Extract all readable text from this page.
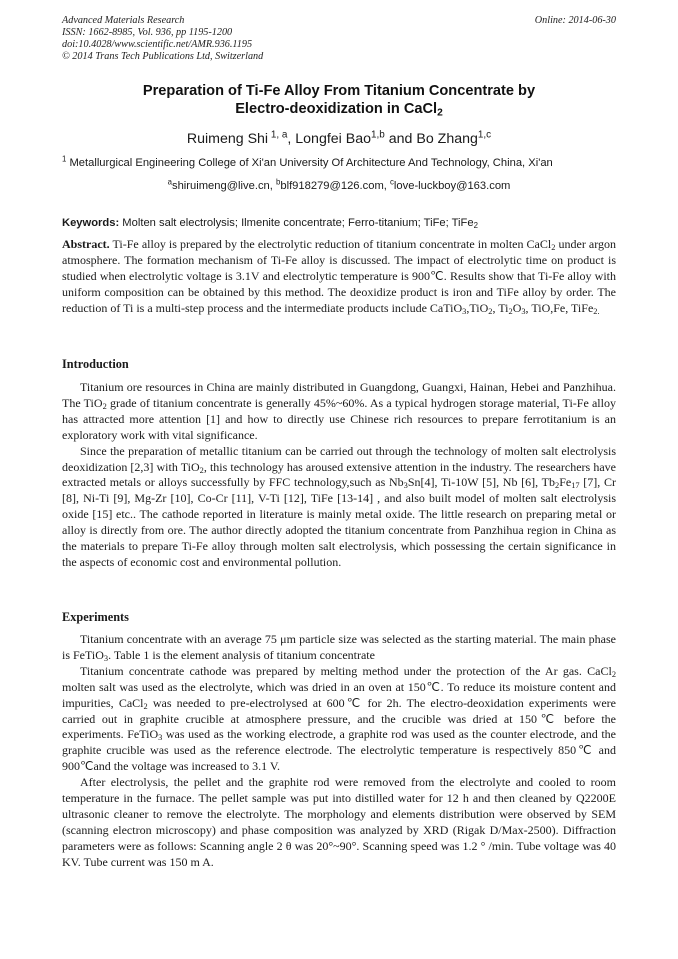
Advanced Materials Research
ISSN: 1662-8985, Vol. 936, pp 1195-1200
doi:10.4028/www.scientific.net/AMR.936.1195
© 2014 Trans Tech Publications Ltd, Switzerland
Online: 2014-06-30
Preparation of Ti-Fe Alloy From Titanium Concentrate by
Electro-deoxidization in CaCl$_2$
Ruimeng Shi $^{1, a}$, Longfei Bao$^{1,b}$ and Bo Zhang$^{1,c}$
$^1$ Metallurgical Engineering College of Xi'an University Of Architecture And Technology, China, Xi'an
$^a$shiruimeng@live.cn, $^b$blf918279@126.com, $^c$love-luckboy@163.com
Keywords: Molten salt electrolysis; Ilmenite concentrate; Ferro-titanium; TiFe; TiFe$_2$

Abstract. Ti-Fe alloy is prepared by the electrolytic reduction of titanium concentrate in molten CaCl$_2$ under argon atmosphere. The formation mechanism of Ti-Fe alloy is discussed. The impact of electrolytic time on product is studied when electrolytic voltage is 3.1V and electrolytic temperature is 900℃. Results show that Ti-Fe alloy with uniform composition can be obtained by this method. The deoxidize product is iron and TiFe alloy by order. The reduction of Ti is a multi-step process and the intermediate products include CaTiO$_3$,TiO$_2$, $Ti_2O_3$, TiO,Fe, TiFe$_{2.}$

Introduction

Titanium ore resources in China are mainly distributed in Guangdong, Guangxi, Hainan, Hebei and Panzhihua. The TiO$_2$ grade of titanium concentrate is generally 45%~60%. As a typical hydrogen storage material, Ti-Fe alloy has attracted more attention [1] and how to directly use Chinese rich resources to prepare ferrotitanium is an exploratory work with vital significance.

Since the preparation of metallic titanium can be carried out through the technology of molten salt electrolysis deoxidization [2,3] with TiO$_2$, this technology has aroused extensive attention in the industry. The researchers have extracted metals or alloys successfully by FFC technology,such as $Nb_3Sn[4]$, Ti-10W [5], Nb [6], $Tb_2Fe_{17}$ [7], Cr [8], Ni-Ti [9], Mg-Zr [10], Co-Cr [11], V-Ti [12], TiFe [13-14] , and also built model of molten salt electrolysis oxide [15] etc.. The cathode reported in literature is mainly metal oxide. The little research on preparing metal or alloy is directly from ore. The author directly adopted the titanium concentrate from Panzhihua region in China as the materials to prepare Ti-Fe alloy through molten salt electrolysis, which possessing the certain significance in the aspects of economic cost and environmental pollution.

Experiments

Titanium concentrate with an average 75 μm particle size was selected as the starting material. The main phase is FeTiO$_3$. Table 1 is the element analysis of titanium concentrate

Titanium concentrate cathode was prepared by melting method under the protection of the Ar gas. CaCl$_2$ molten salt was used as the electrolyte, which was dried in an oven at 150℃. To reduce its moisture content and impurities, CaCl$_2$ was needed to pre-electrolysed at 600℃ for 2h. The electro-deoxidation experiments were carried out in graphite crucible at atmosphere pressure, and the crucible was dried at 150℃ before the experiments. FeTiO$_3$ was used as the working electrode, a graphite rod was used as the counter electrode, and the graphite crucible was used as the reference electrode. The electrolytic temperature is respectively 850℃ and 900℃and the voltage was increased to 3.1 V.

After electrolysis, the pellet and the graphite rod were removed from the electrolyte and cooled to room temperature in the furnace. The pellet sample was put into distilled water for 12 h and then cleaned by Q2200E ultrasonic cleaner to remove the electrolyte. The morphology and elements distribution were observed by SEM (scanning electron microscopy) and phase composition was analyzed by XRD (Rigak D/Max-2500). Diffraction parameters were as follows: Scanning angle 2 θ was 20°~90°. Scanning speed was 1.2 ° /min. Tube voltage was 40 KV. Tube current was 150 m A.
